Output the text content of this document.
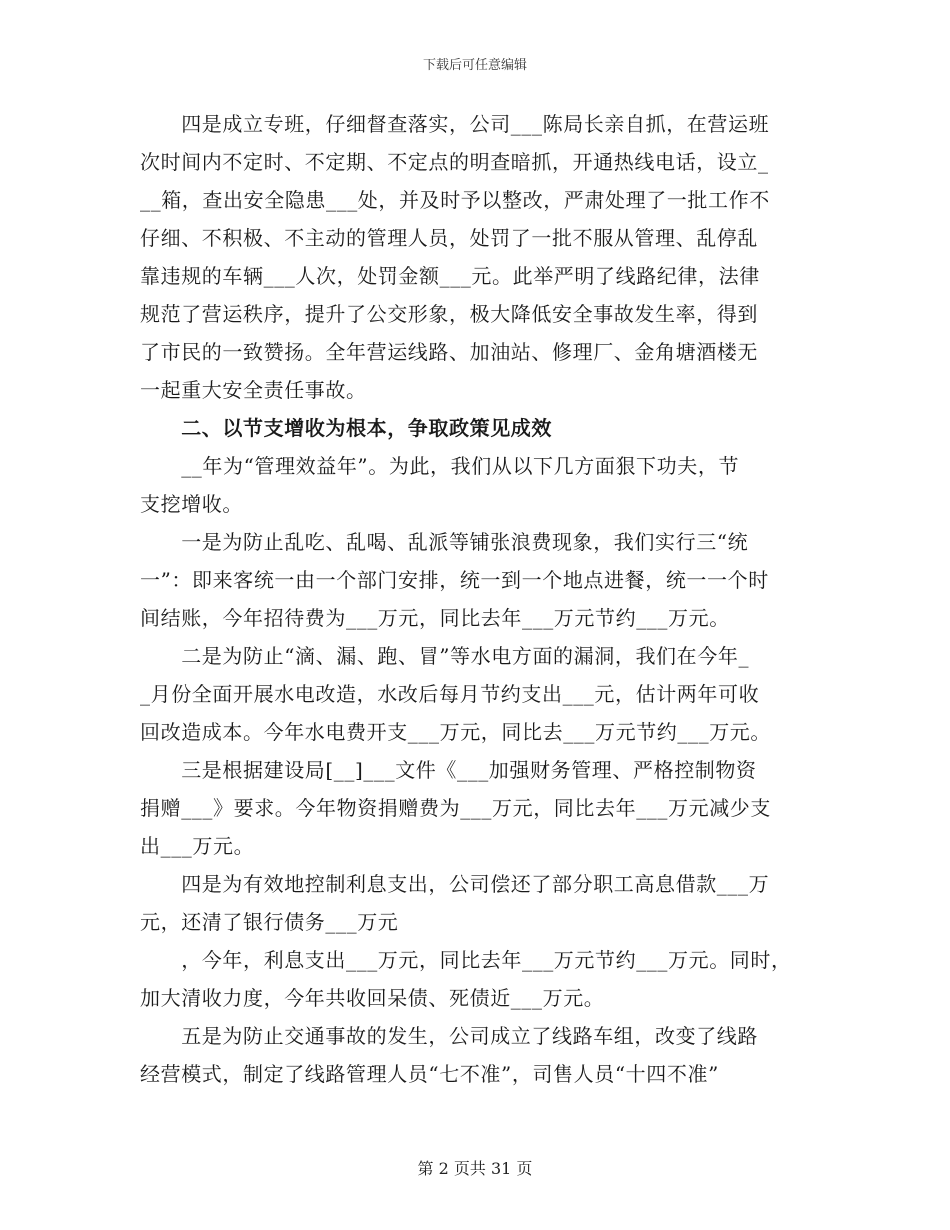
下载后可任意编辑
　　四是成立专班，仔细督查落实，公司___陈局长亲自抓，在营运班
次时间内不定时、不定期、不定点的明查暗抓，开通热线电话，设立_
__箱，查出安全隐患___处，并及时予以整改，严肃处理了一批工作不
仔细、不积极、不主动的管理人员，处罚了一批不服从管理、乱停乱
靠违规的车辆___人次，处罚金额___元。此举严明了线路纪律，法律
规范了营运秩序，提升了公交形象，极大降低安全事故发生率，得到
了市民的一致赞扬。全年营运线路、加油站、修理厂、金角塘酒楼无
一起重大安全责任事故。
　　二、以节支增收为根本，争取政策见成效
　　__年为“管理效益年”。为此，我们从以下几方面狠下功夫，节
支挖增收。
　　一是为防止乱吃、乱喝、乱派等铺张浪费现象，我们实行三“统
一”：即来客统一由一个部门安排，统一到一个地点进餐，统一一个时
间结账，今年招待费为___万元，同比去年___万元节约___万元。
　　二是为防止“滴、漏、跑、冒”等水电方面的漏洞，我们在今年_
_月份全面开展水电改造，水改后每月节约支出___元，估计两年可收
回改造成本。今年水电费开支___万元，同比去___万元节约___万元。
　　三是根据建设局[__]___文件《___加强财务管理、严格控制物资
捐赠___》要求。今年物资捐赠费为___万元，同比去年___万元减少支
出___万元。
　　四是为有效地控制利息支出，公司偿还了部分职工高息借款___万
元，还清了银行债务___万元
　　，今年，利息支出___万元，同比去年___万元节约___万元。同时，
加大清收力度，今年共收回呆债、死债近___万元。
　　五是为防止交通事故的发生，公司成立了线路车组，改变了线路
经营模式，制定了线路管理人员“七不准”，司售人员“十四不准”
第 2 页共 31 页
